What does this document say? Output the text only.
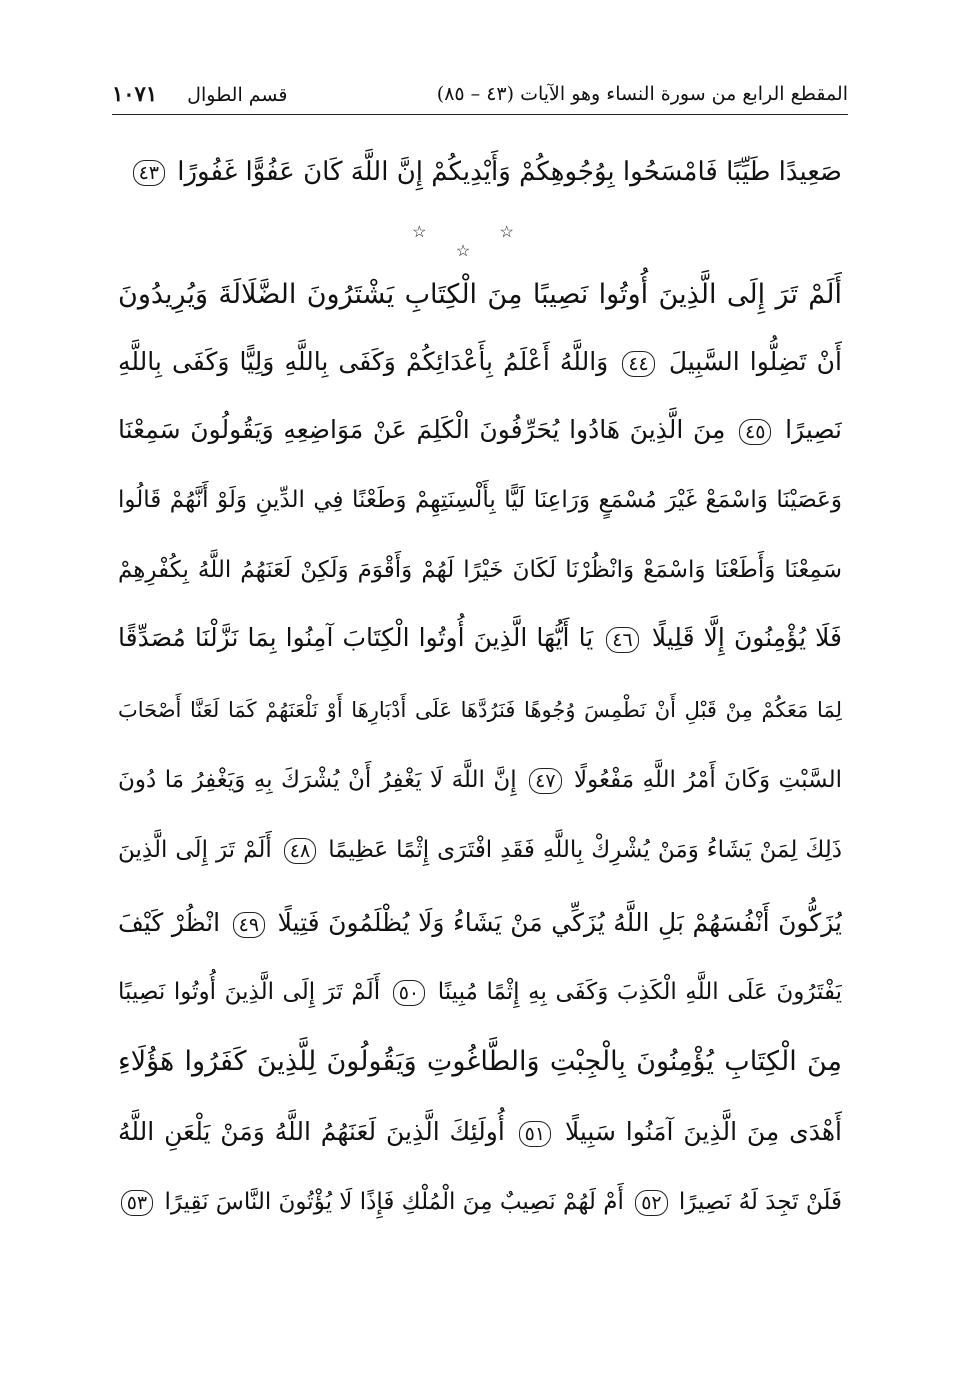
المقطع الرابع من سورة النساء وهو الآيات (٤٣ – ٨٥)
قسم الطوال ١٠٧١
صَعِيدًا طَيِّبًا فَامْسَحُوا بِوُجُوهِكُمْ وَأَيْدِيكُمْ إِنَّ اللَّهَ كَانَ عَفُوًّا غَفُورًا ٤٣
☆ ☆ ☆
أَلَمْ تَرَ إِلَى الَّذِينَ أُوتُوا نَصِيبًا مِنَ الْكِتَابِ يَشْتَرُونَ الضَّلَالَةَ وَيُرِيدُونَ
أَنْ تَضِلُّوا السَّبِيلَ ٤٤ وَاللَّهُ أَعْلَمُ بِأَعْدَائِكُمْ وَكَفَى بِاللَّهِ وَلِيًّا وَكَفَى بِاللَّهِ
نَصِيرًا ٤٥ مِنَ الَّذِينَ هَادُوا يُحَرِّفُونَ الْكَلِمَ عَنْ مَوَاضِعِهِ وَيَقُولُونَ سَمِعْنَا
وَعَصَيْنَا وَاسْمَعْ غَيْرَ مُسْمَعٍ وَرَاعِنَا لَيًّا بِأَلْسِنَتِهِمْ وَطَعْنًا فِي الدِّينِ وَلَوْ أَنَّهُمْ قَالُوا
سَمِعْنَا وَأَطَعْنَا وَاسْمَعْ وَانْظُرْنَا لَكَانَ خَيْرًا لَهُمْ وَأَقْوَمَ وَلَكِنْ لَعَنَهُمُ اللَّهُ بِكُفْرِهِمْ
فَلَا يُؤْمِنُونَ إِلَّا قَلِيلًا ٤٦ يَا أَيُّهَا الَّذِينَ أُوتُوا الْكِتَابَ آمِنُوا بِمَا نَزَّلْنَا مُصَدِّقًا
لِمَا مَعَكُمْ مِنْ قَبْلِ أَنْ نَطْمِسَ وُجُوهًا فَنَرُدَّهَا عَلَى أَدْبَارِهَا أَوْ نَلْعَنَهُمْ كَمَا لَعَنَّا أَصْحَابَ
السَّبْتِ وَكَانَ أَمْرُ اللَّهِ مَفْعُولًا ٤٧ إِنَّ اللَّهَ لَا يَغْفِرُ أَنْ يُشْرَكَ بِهِ وَيَغْفِرُ مَا دُونَ
ذَلِكَ لِمَنْ يَشَاءُ وَمَنْ يُشْرِكْ بِاللَّهِ فَقَدِ افْتَرَى إِثْمًا عَظِيمًا ٤٨ أَلَمْ تَرَ إِلَى الَّذِينَ
يُزَكُّونَ أَنْفُسَهُمْ بَلِ اللَّهُ يُزَكِّي مَنْ يَشَاءُ وَلَا يُظْلَمُونَ فَتِيلًا ٤٩ انْظُرْ كَيْفَ
يَفْتَرُونَ عَلَى اللَّهِ الْكَذِبَ وَكَفَى بِهِ إِثْمًا مُبِينًا ٥٠ أَلَمْ تَرَ إِلَى الَّذِينَ أُوتُوا نَصِيبًا
مِنَ الْكِتَابِ يُؤْمِنُونَ بِالْجِبْتِ وَالطَّاغُوتِ وَيَقُولُونَ لِلَّذِينَ كَفَرُوا هَؤُلَاءِ
أَهْدَى مِنَ الَّذِينَ آمَنُوا سَبِيلًا ٥١ أُولَئِكَ الَّذِينَ لَعَنَهُمُ اللَّهُ وَمَنْ يَلْعَنِ اللَّهُ
فَلَنْ تَجِدَ لَهُ نَصِيرًا ٥٢ أَمْ لَهُمْ نَصِيبٌ مِنَ الْمُلْكِ فَإِذًا لَا يُؤْتُونَ النَّاسَ نَقِيرًا ٥٣
